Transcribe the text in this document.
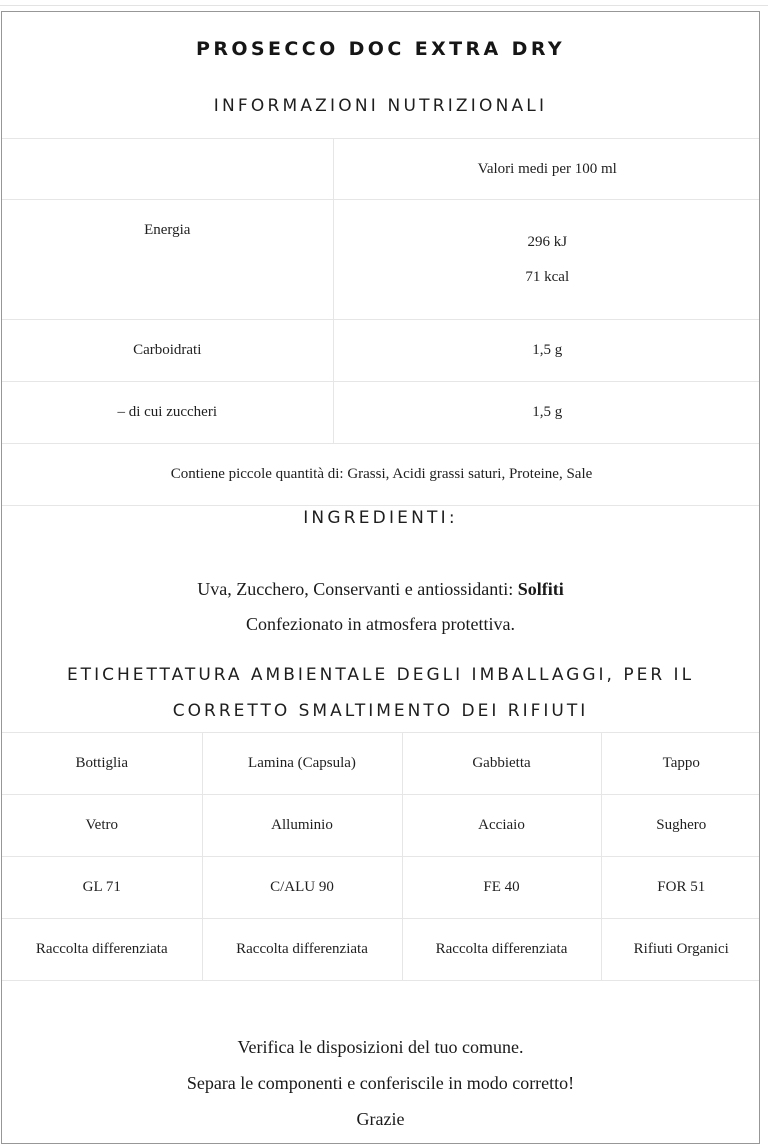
PROSECCO DOC EXTRA DRY
INFORMAZIONI NUTRIZIONALI
	Valori medi per 100 ml
Energia	296 kJ
71 kcal

Carboidrati	1,5 g
– di cui zuccheri	1,5 g
Contiene piccole quantità di: Grassi, Acidi grassi saturi, Proteine, Sale	
INGREDIENTI:
Uva, Zucchero, Conservanti e antiossidanti: Solfiti
Confezionato in atmosfera protettiva.
ETICHETTATURA AMBIENTALE DEGLI IMBALLAGGI, PER IL
CORRETTO SMALTIMENTO DEI RIFIUTI
Bottiglia	Lamina (Capsula)	Gabbietta	Tappo
Vetro	Alluminio	Acciaio	Sughero
GL 71	C/ALU 90	FE 40	FOR 51
Raccolta differenziata	Raccolta differenziata	Raccolta differenziata	Rifiuti Organici
Verifica le disposizioni del tuo comune.
Separa le componenti e conferiscile in modo corretto!
Grazie
